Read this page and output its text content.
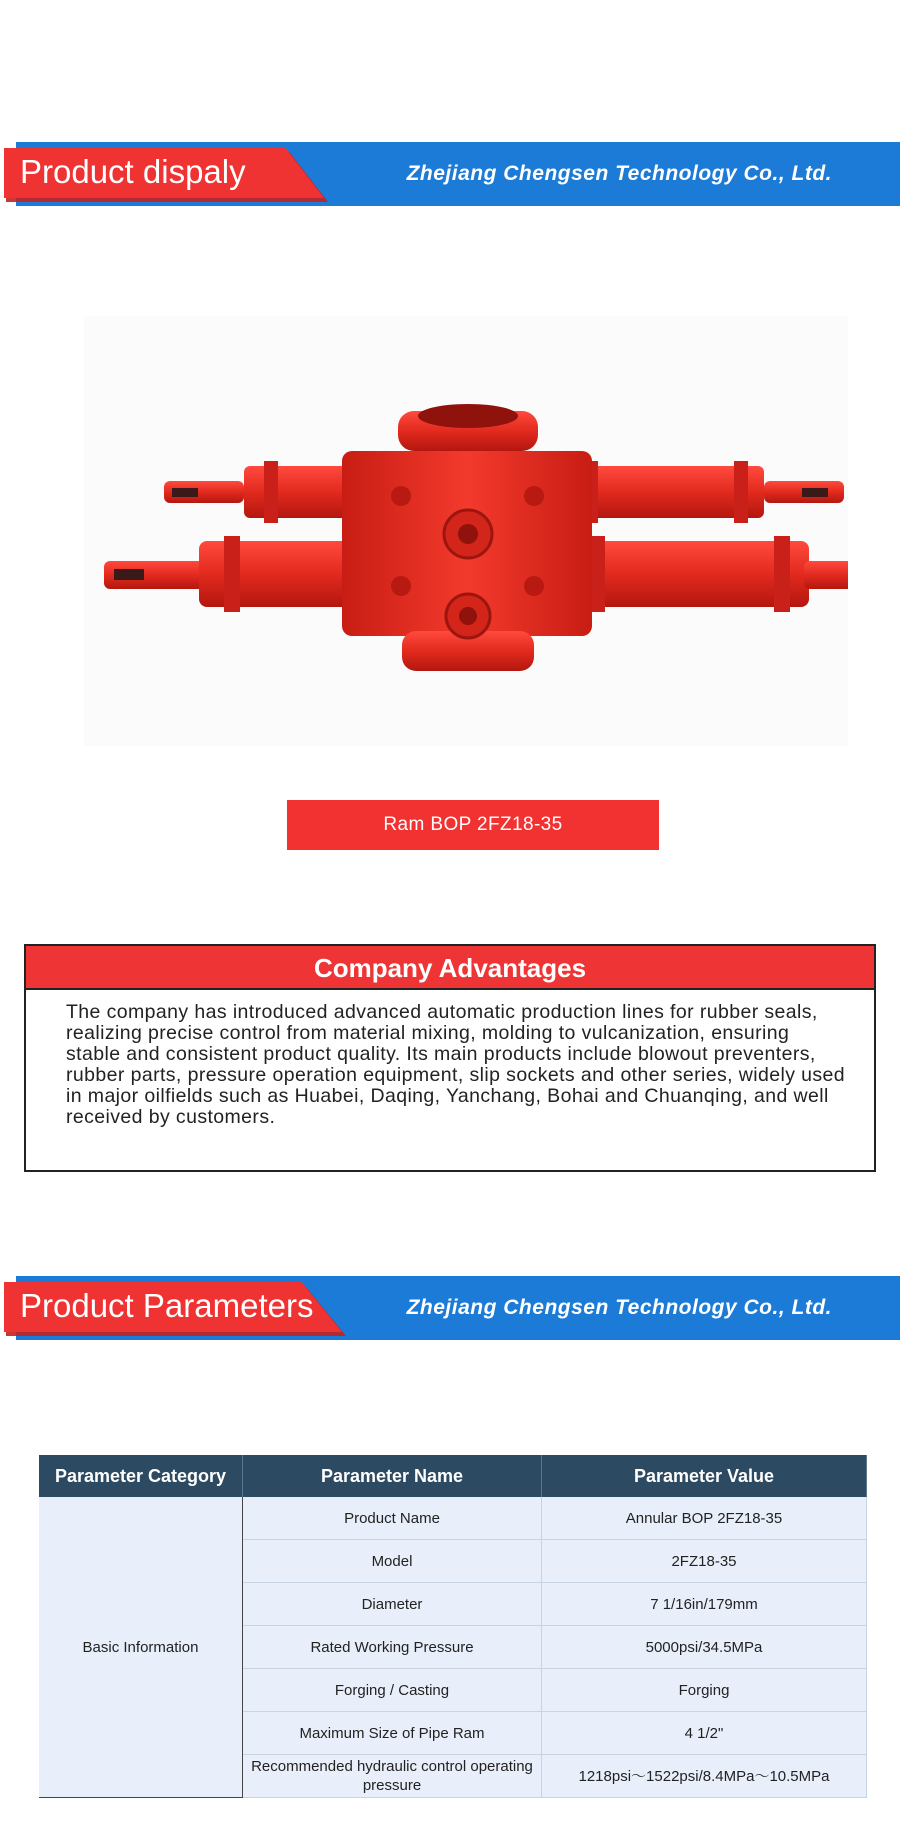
Product dispaly	Zhejiang Chengsen Technology Co., Ltd.
Ram BOP 2FZ18-35
Company Advantages
The company has introduced advanced automatic production lines for rubber seals, realizing precise control from material mixing, molding to vulcanization, ensuring stable and consistent product quality. Its main products include blowout preventers, rubber parts, pressure operation equipment, slip sockets and other series, widely used in major oilfields such as Huabei, Daqing, Yanchang, Bohai and Chuanqing, and well received by customers.
Product Parameters	Zhejiang Chengsen Technology Co., Ltd.
Parameter Category	Parameter Name	Parameter Value
Basic Information	Product Name	Annular BOP 2FZ18-35
	Model	2FZ18-35
	Diameter	7 1/16in/179mm
	Rated Working Pressure	5000psi/34.5MPa
	Forging / Casting	Forging
	Maximum Size of Pipe Ram	4 1/2"
	Recommended hydraulic control operating pressure	1218psi～1522psi/8.4MPa～10.5MPa
